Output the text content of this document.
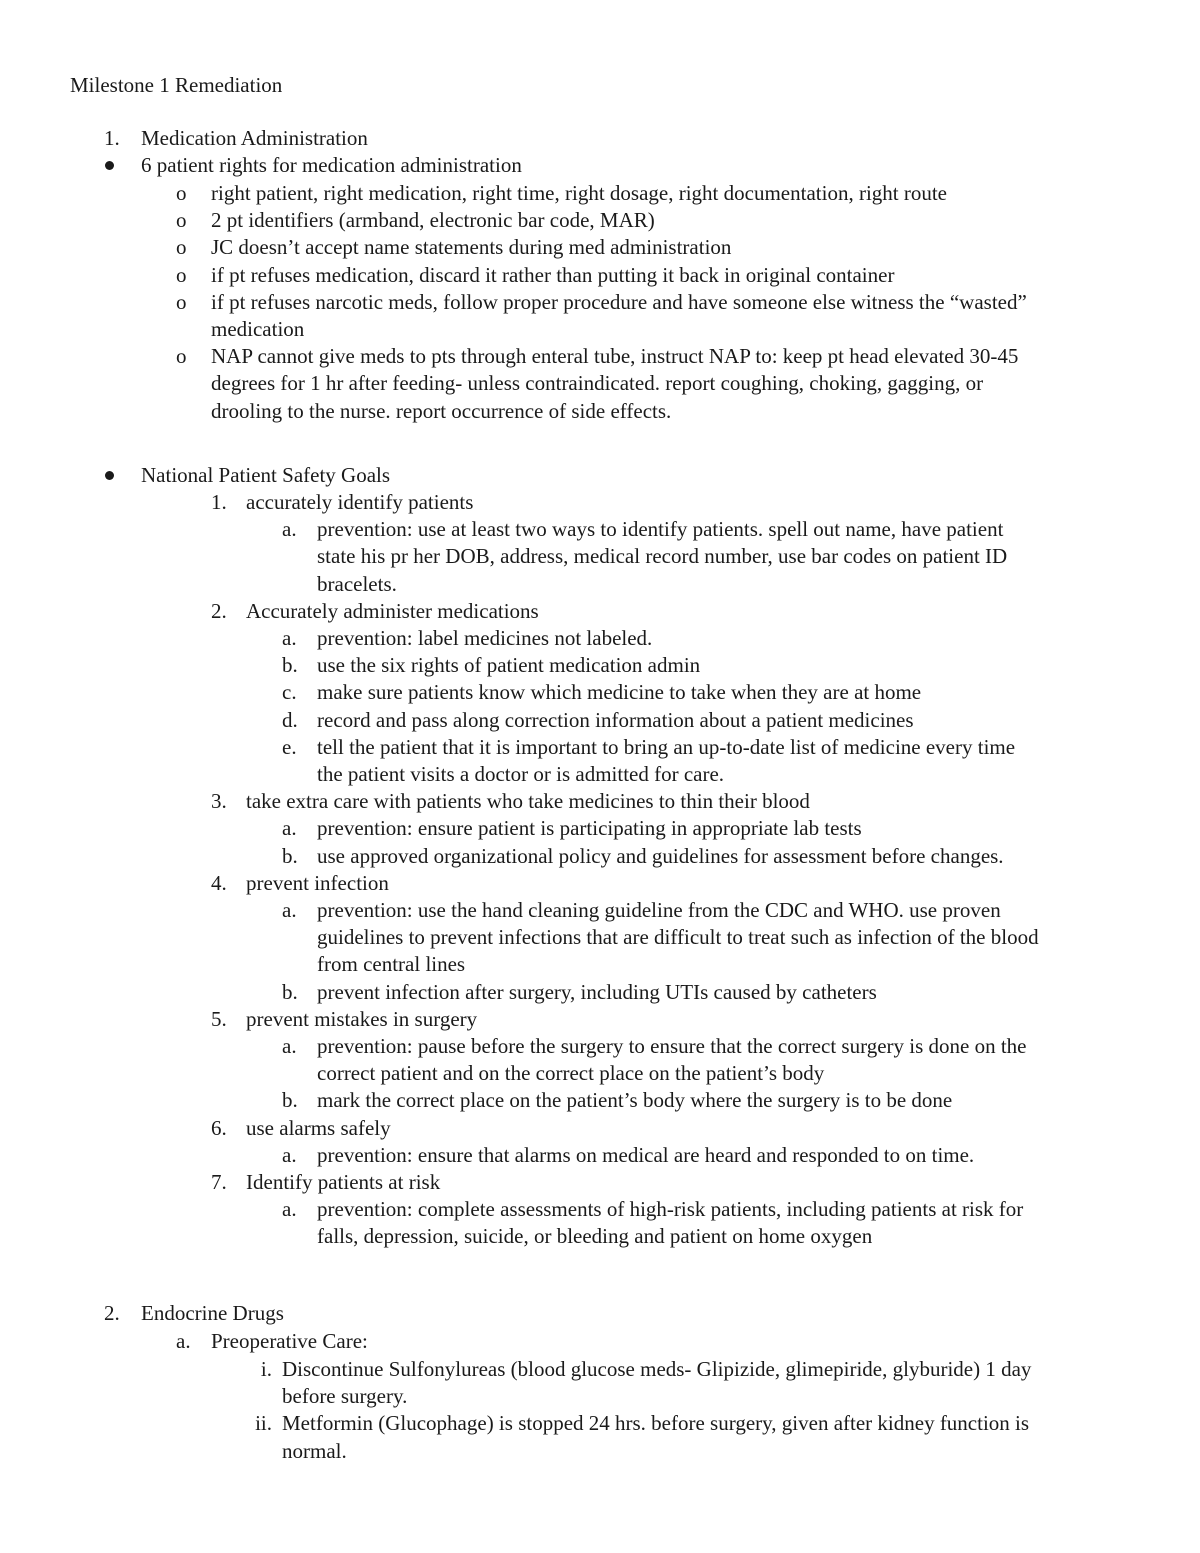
Milestone 1 Remediation
1. Medication Administration
6 patient rights for medication administration
o right patient, right medication, right time, right dosage, right documentation, right route
o 2 pt identifiers (armband, electronic bar code, MAR)
o JC doesn’t accept name statements during med administration
o if pt refuses medication, discard it rather than putting it back in original container
o if pt refuses narcotic meds, follow proper procedure and have someone else witness the “wasted”
medication
o NAP cannot give meds to pts through enteral tube, instruct NAP to: keep pt head elevated 30-45
degrees for 1 hr after feeding- unless contraindicated. report coughing, choking, gagging, or
drooling to the nurse. report occurrence of side effects.
National Patient Safety Goals
1. accurately identify patients
a. prevention: use at least two ways to identify patients. spell out name, have patient
state his pr her DOB, address, medical record number, use bar codes on patient ID
bracelets.
2. Accurately administer medications
a. prevention: label medicines not labeled.
b. use the six rights of patient medication admin
c. make sure patients know which medicine to take when they are at home
d. record and pass along correction information about a patient medicines
e. tell the patient that it is important to bring an up-to-date list of medicine every time
the patient visits a doctor or is admitted for care.
3. take extra care with patients who take medicines to thin their blood
a. prevention: ensure patient is participating in appropriate lab tests
b. use approved organizational policy and guidelines for assessment before changes.
4. prevent infection
a. prevention: use the hand cleaning guideline from the CDC and WHO. use proven
guidelines to prevent infections that are difficult to treat such as infection of the blood
from central lines
b. prevent infection after surgery, including UTIs caused by catheters
5. prevent mistakes in surgery
a. prevention: pause before the surgery to ensure that the correct surgery is done on the
correct patient and on the correct place on the patient’s body
b. mark the correct place on the patient’s body where the surgery is to be done
6. use alarms safely
a. prevention: ensure that alarms on medical are heard and responded to on time.
7. Identify patients at risk
a. prevention: complete assessments of high-risk patients, including patients at risk for
falls, depression, suicide, or bleeding and patient on home oxygen
2. Endocrine Drugs
a. Preoperative Care:
i. Discontinue Sulfonylureas (blood glucose meds- Glipizide, glimepiride, glyburide) 1 day
before surgery.
ii. Metformin (Glucophage) is stopped 24 hrs. before surgery, given after kidney function is
normal.
